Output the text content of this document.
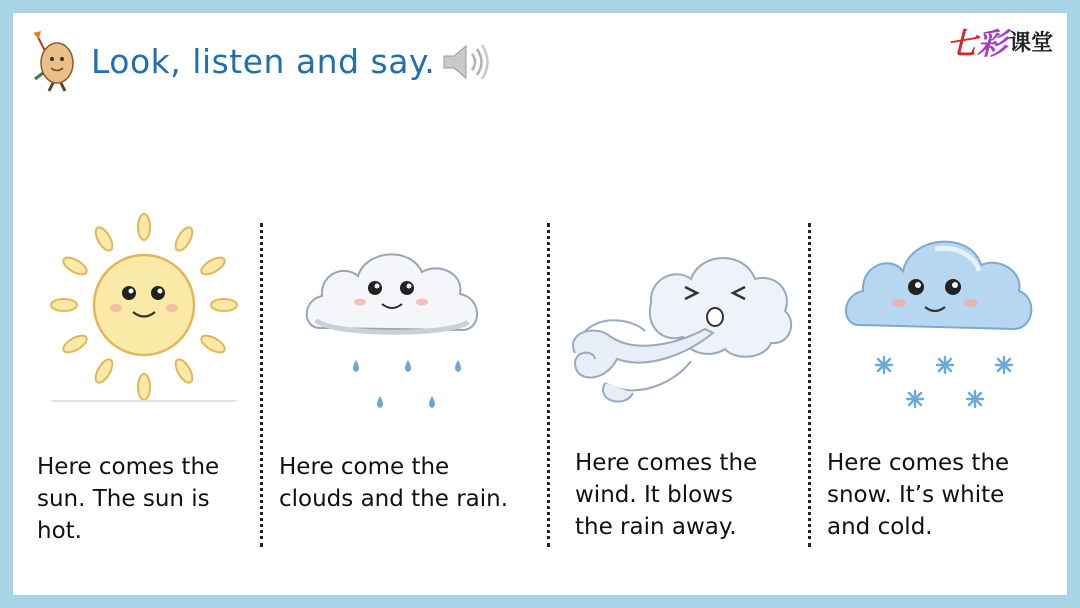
Look, listen and say.	七 彩 课堂
Here comes the
sun. The sun is
hot.
Here come the
clouds and the rain.
Here comes the
wind. It blows
the rain away.
Here comes the
snow. It’s white
and cold.
